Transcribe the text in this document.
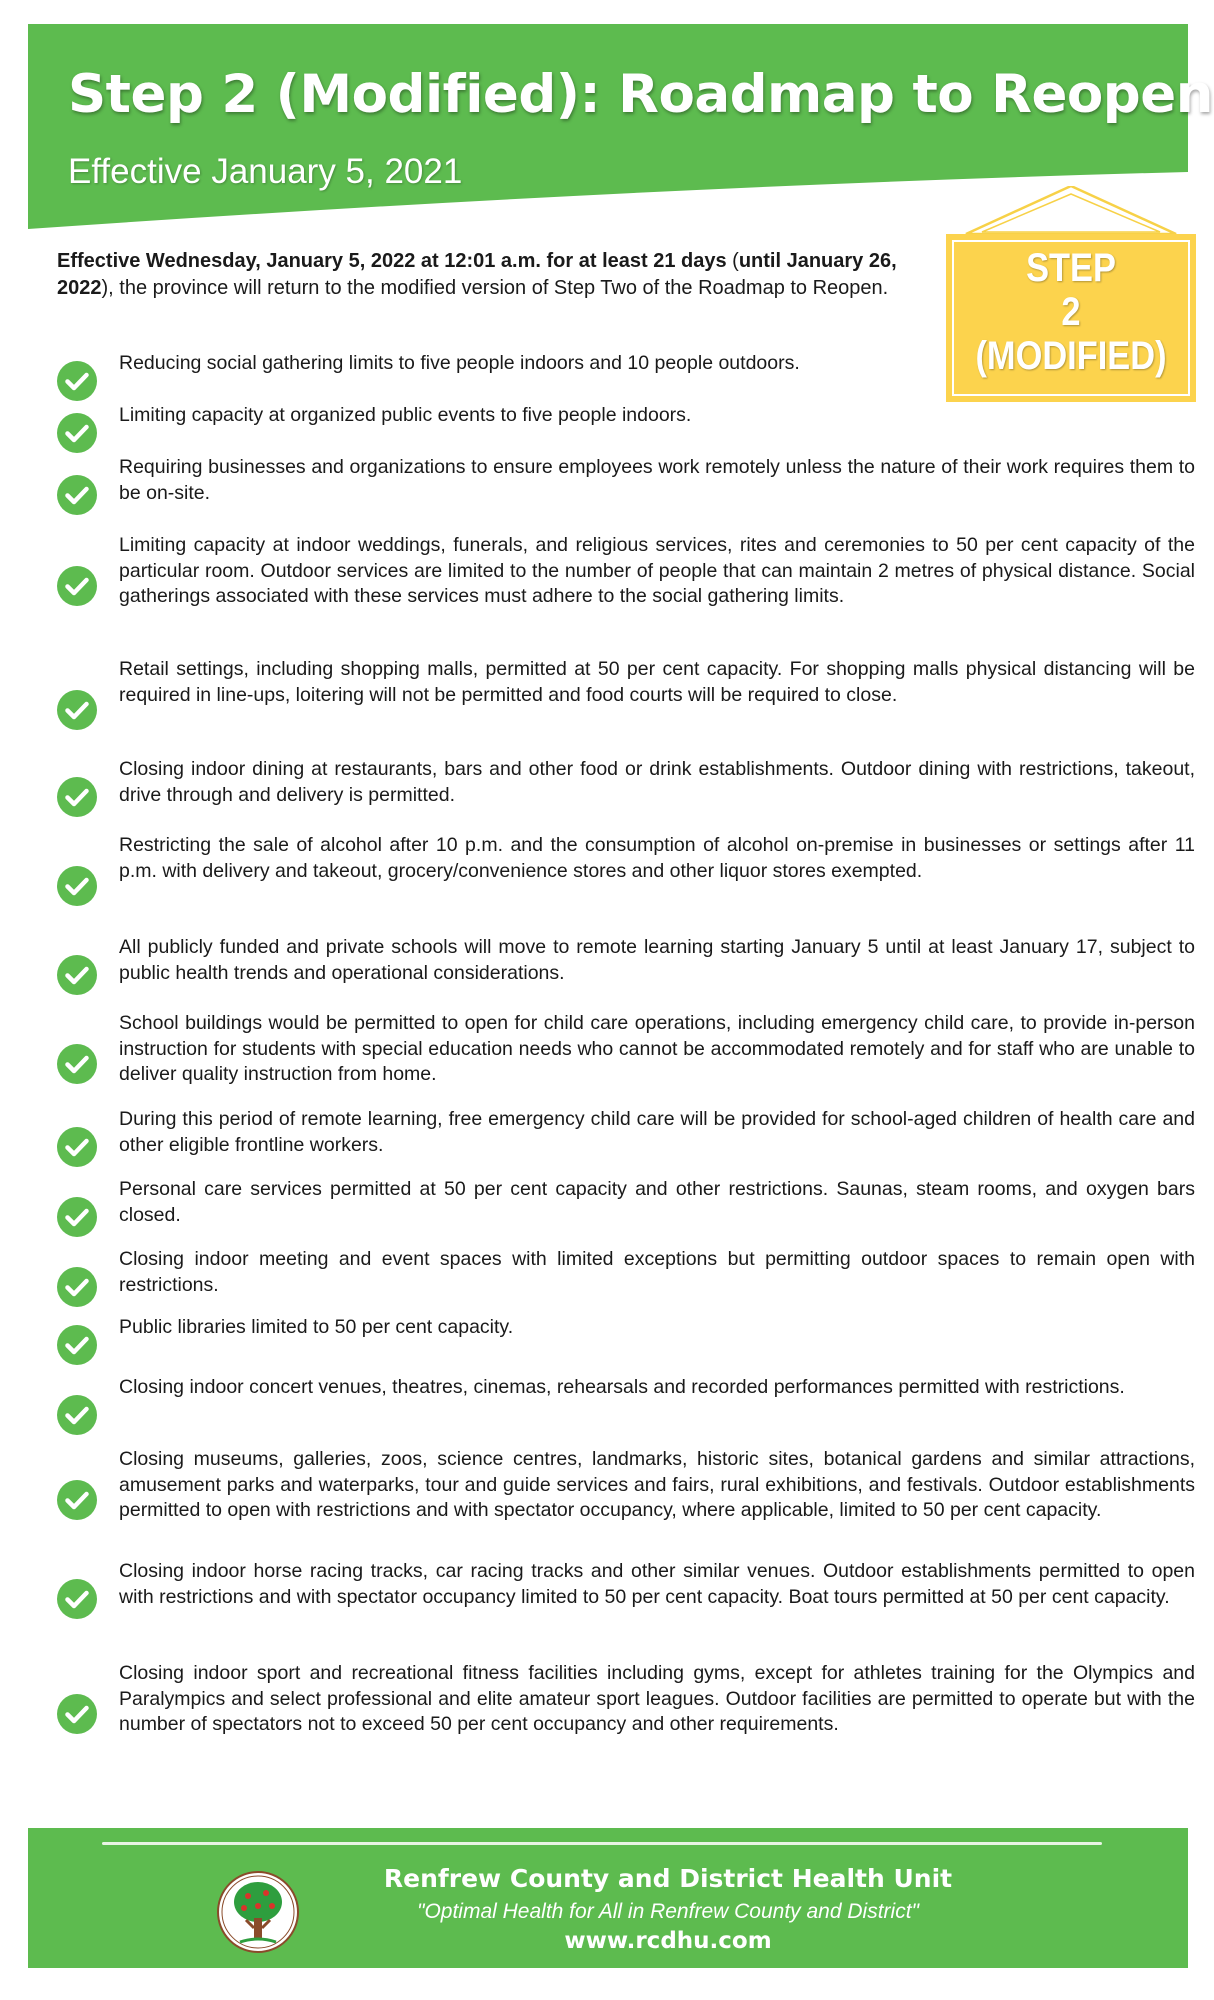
Step 2 (Modified): Roadmap to Reopen

Effective January 5, 2021

STEP
2
(MODIFIED)

Effective Wednesday, January 5, 2022 at 12:01 a.m. for at least 21 days (until January 26, 2022), the province will return to the modified version of Step Two of the Roadmap to Reopen.

Reducing social gathering limits to five people indoors and 10 people outdoors.

Limiting capacity at organized public events to five people indoors.

Requiring businesses and organizations to ensure employees work remotely unless the nature of their work requires them to be on-site.

Limiting capacity at indoor weddings, funerals, and religious services, rites and ceremonies to 50 per cent capacity of the particular room. Outdoor services are limited to the number of people that can maintain 2 metres of physical distance. Social gatherings associated with these services must adhere to the social gathering limits.

Retail settings, including shopping malls, permitted at 50 per cent capacity. For shopping malls physical distancing will be required in line-ups, loitering will not be permitted and food courts will be required to close.

Closing indoor dining at restaurants, bars and other food or drink establishments. Outdoor dining with restrictions, takeout, drive through and delivery is permitted.

Restricting the sale of alcohol after 10 p.m. and the consumption of alcohol on-premise in businesses or settings after 11 p.m. with delivery and takeout, grocery/convenience stores and other liquor stores exempted.

All publicly funded and private schools will move to remote learning starting January 5 until at least January 17, subject to public health trends and operational considerations.

School buildings would be permitted to open for child care operations, including emergency child care, to provide in-person instruction for students with special education needs who cannot be accommodated remotely and for staff who are unable to deliver quality instruction from home.

During this period of remote learning, free emergency child care will be provided for school-aged children of health care and other eligible frontline workers.

Personal care services permitted at 50 per cent capacity and other restrictions. Saunas, steam rooms, and oxygen bars closed.

Closing indoor meeting and event spaces with limited exceptions but permitting outdoor spaces to remain open with restrictions.

Public libraries limited to 50 per cent capacity.

Closing indoor concert venues, theatres, cinemas, rehearsals and recorded performances permitted with restrictions.

Closing museums, galleries, zoos, science centres, landmarks, historic sites, botanical gardens and similar attractions, amusement parks and waterparks, tour and guide services and fairs, rural exhibitions, and festivals. Outdoor establishments permitted to open with restrictions and with spectator occupancy, where applicable, limited to 50 per cent capacity.

Closing indoor horse racing tracks, car racing tracks and other similar venues. Outdoor establishments permitted to open with restrictions and with spectator occupancy limited to 50 per cent capacity. Boat tours permitted at 50 per cent capacity.

Closing indoor sport and recreational fitness facilities including gyms, except for athletes training for the Olympics and Paralympics and select professional and elite amateur sport leagues. Outdoor facilities are permitted to operate but with the number of spectators not to exceed 50 per cent occupancy and other requirements.

Renfrew County and District Health Unit

"Optimal Health for All in Renfrew County and District"

www.rcdhu.com
